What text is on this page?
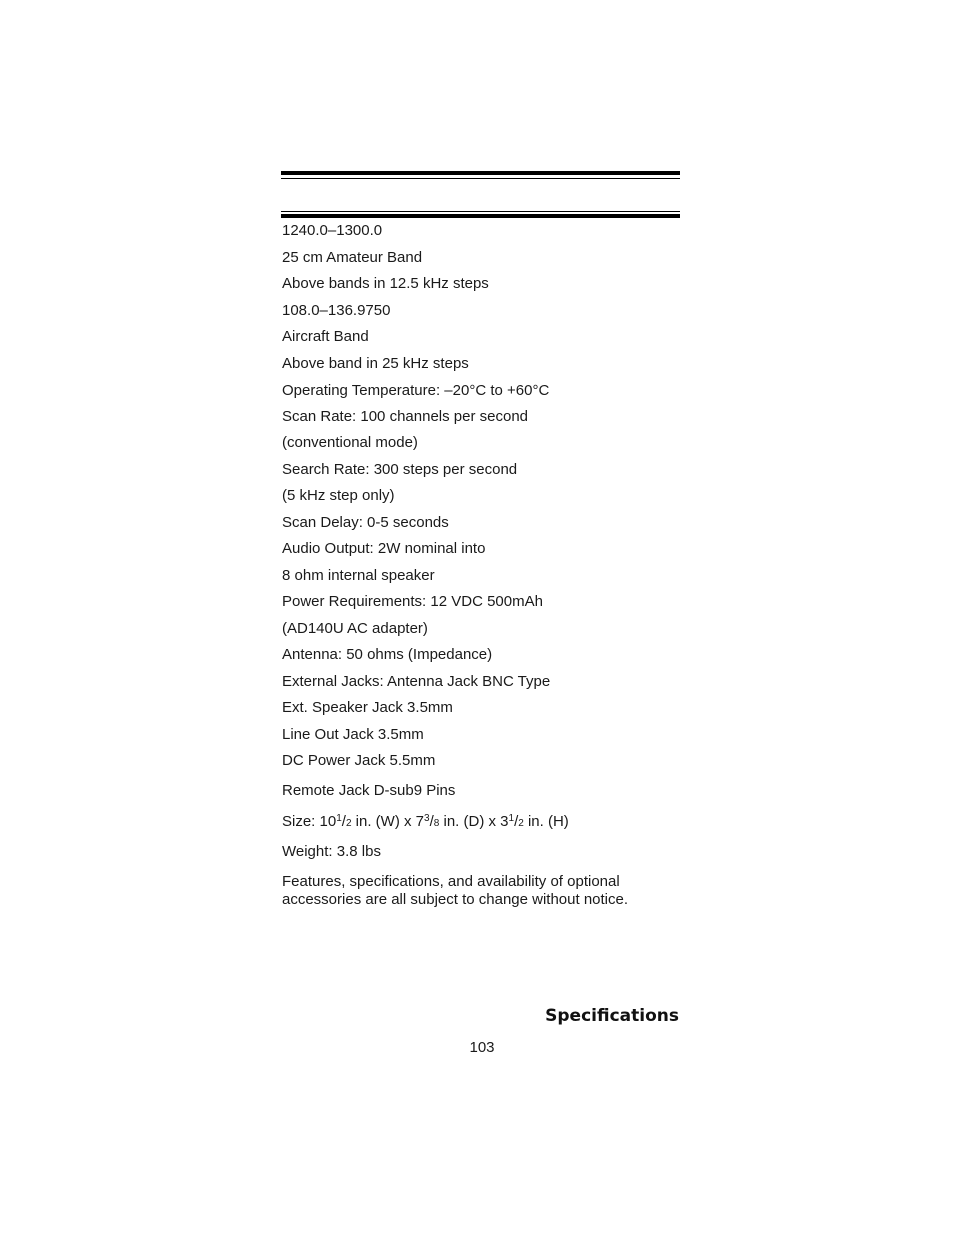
1240.0–1300.0

25 cm Amateur Band

Above bands in 12.5 kHz steps

108.0–136.9750

Aircraft Band

Above band in 25 kHz steps

Operating Temperature: –20°C to +60°C

Scan Rate: 100 channels per second

(conventional mode)

Search Rate: 300 steps per second

(5 kHz step only)

Scan Delay: 0-5 seconds

Audio Output: 2W nominal into

8 ohm internal speaker

Power Requirements: 12 VDC 500mAh

(AD140U AC adapter)

Antenna: 50 ohms (Impedance)

External Jacks: Antenna Jack BNC Type

Ext. Speaker Jack 3.5mm

Line Out Jack 3.5mm

DC Power Jack 5.5mm

Remote Jack D-sub9 Pins

Size: $10^1/2$ in. (W) x $7^3/8$ in. (D) x $3^1/2$ in. (H)

Weight: 3.8 lbs

Features, specifications, and availability of optional accessories are all subject to change without notice.

Specifications

103
